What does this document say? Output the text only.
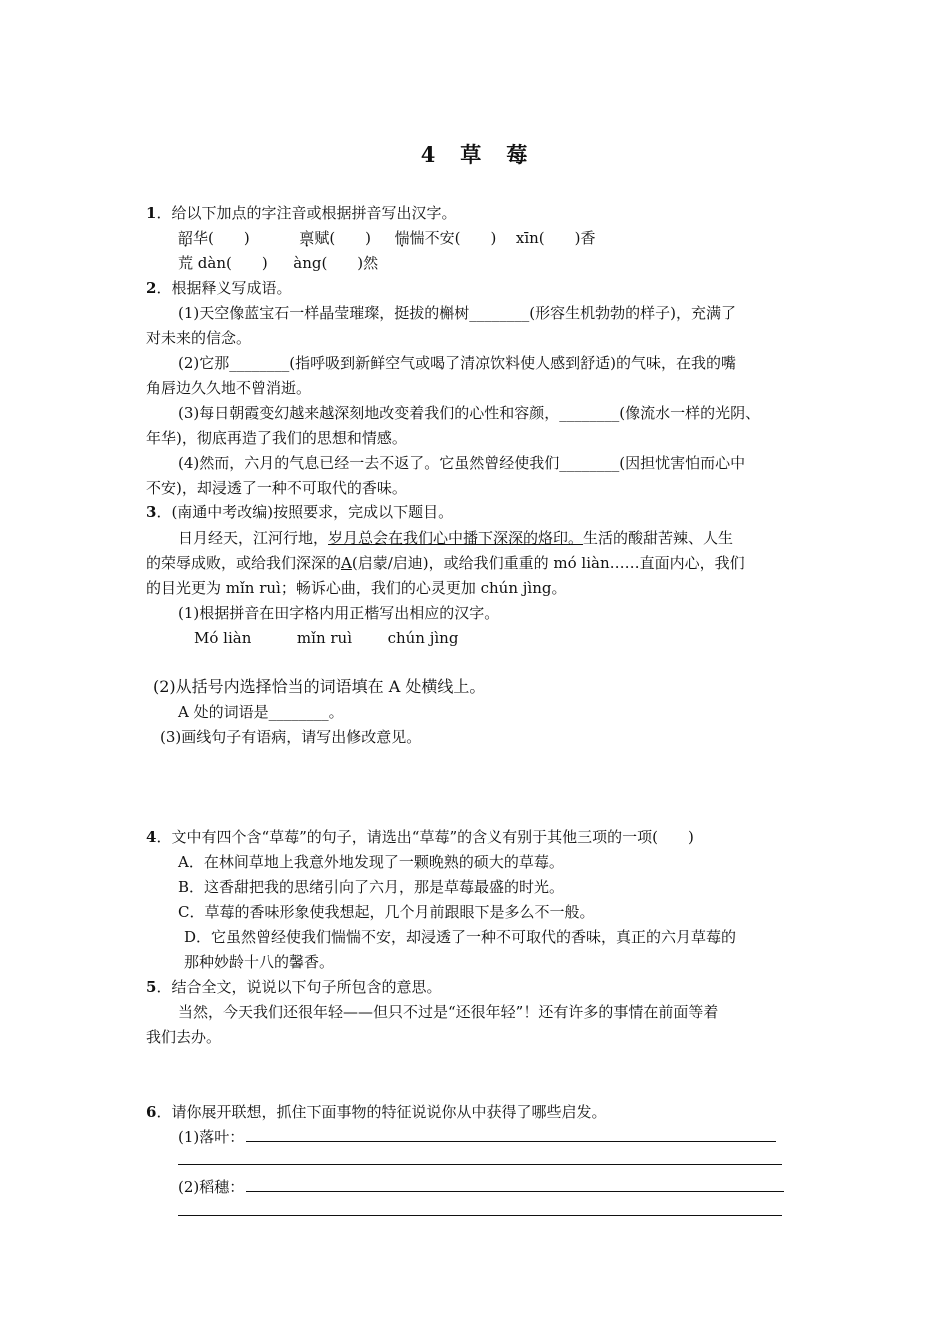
4　草　莓
1．给以下加点的字注音或根据拼音写出汉字。
韶华(　　)	禀赋(　　) 惴惴不安(　　) xīn(　　)香
荒 dàn(　　) àng(　　)然
2．根据释义写成语。
(1)天空像蓝宝石一样晶莹璀璨，挺拔的槲树________(形容生机勃勃的样子)，充满了
对未来的信念。
(2)它那________(指呼吸到新鲜空气或喝了清凉饮料使人感到舒适)的气味，在我的嘴
角唇边久久地不曾消逝。
(3)每日朝霞变幻越来越深刻地改变着我们的心性和容颜，________(像流水一样的光阴、
年华)，彻底再造了我们的思想和情感。
(4)然而，六月的气息已经一去不返了。它虽然曾经使我们________(因担忧害怕而心中
不安)，却浸透了一种不可取代的香味。
3．(南通中考改编)按照要求，完成以下题目。
日月经天，江河行地，岁月总会在我们心中播下深深的烙印。生活的酸甜苦辣、人生
的荣辱成败，或给我们深深的A(启蒙/启迪)，或给我们重重的 mó liàn……直面内心，我们
的目光更为 mǐn ruì；畅诉心曲，我们的心灵更加 chún jìng。
(1)根据拼音在田字格内用正楷写出相应的汉字。
Mó liàn	mǐn ruì chún jìng
(2)从括号内选择恰当的词语填在 A 处横线上。
A 处的词语是________。
(3)画线句子有语病，请写出修改意见。
4．文中有四个含“草莓”的句子，请选出“草莓”的含义有别于其他三项的一项(　　)
A．在林间草地上我意外地发现了一颗晚熟的硕大的草莓。
B．这香甜把我的思绪引向了六月，那是草莓最盛的时光。
C．草莓的香味形象使我想起，几个月前跟眼下是多么不一般。
D．它虽然曾经使我们惴惴不安，却浸透了一种不可取代的香味，真正的六月草莓的
那种妙龄十八的馨香。
5．结合全文，说说以下句子所包含的意思。
当然，今天我们还很年轻——但只不过是“还很年轻”！还有许多的事情在前面等着
我们去办。
6．请你展开联想，抓住下面事物的特征说说你从中获得了哪些启发。
(1)落叶：
(2)稻穗：
